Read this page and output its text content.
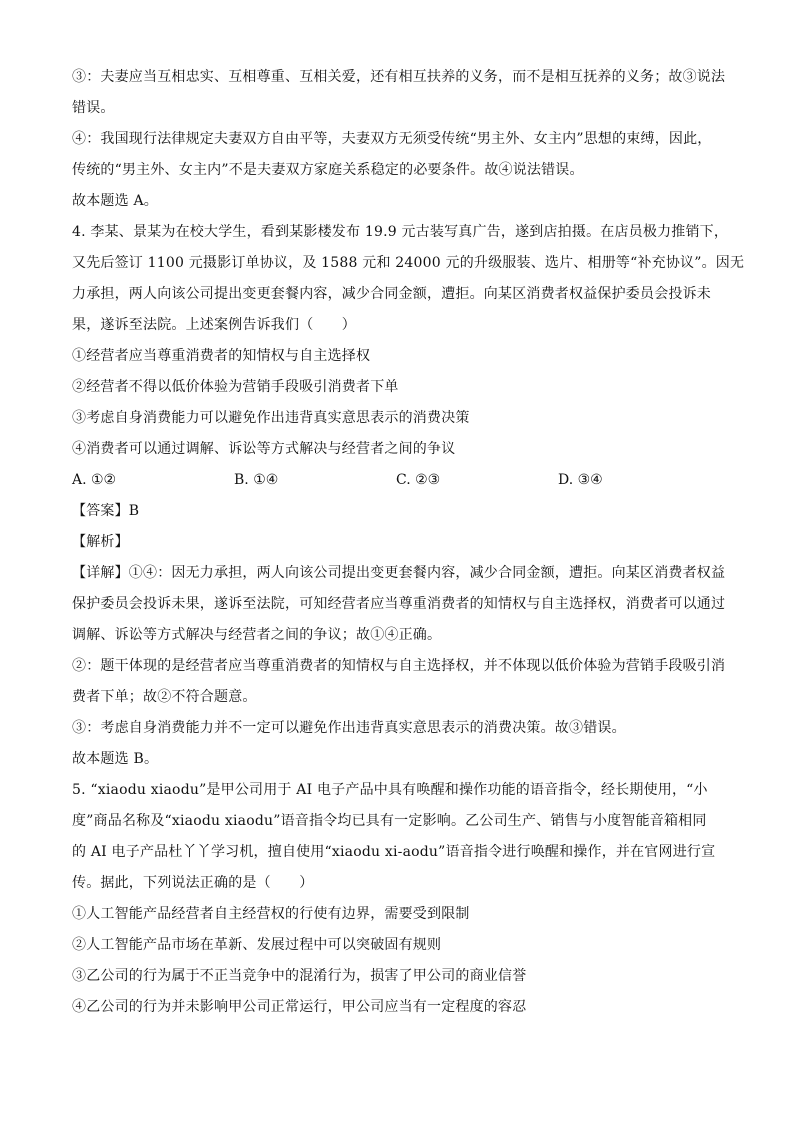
③：夫妻应当互相忠实、互相尊重、互相关爱，还有相互扶养的义务，而不是相互抚养的义务；故③说法
错误。
④：我国现行法律规定夫妻双方自由平等，夫妻双方无须受传统“男主外、女主内”思想的束缚，因此，
传统的“男主外、女主内”不是夫妻双方家庭关系稳定的必要条件。故④说法错误。
故本题选 A。
4. 李某、景某为在校大学生，看到某影楼发布 19.9 元古装写真广告，遂到店拍摄。在店员极力推销下，
又先后签订 1100 元摄影订单协议，及 1588 元和 24000 元的升级服装、选片、相册等“补充协议”。因无
力承担，两人向该公司提出变更套餐内容，减少合同金额，遭拒。向某区消费者权益保护委员会投诉未
果，遂诉至法院。上述案例告诉我们（　　）
①经营者应当尊重消费者的知情权与自主选择权
②经营者不得以低价体验为营销手段吸引消费者下单
③考虑自身消费能力可以避免作出违背真实意思表示的消费决策
④消费者可以通过调解、诉讼等方式解决与经营者之间的争议
A. ①②	B. ①④	C. ②③	D. ③④
【答案】B
【解析】
【详解】①④：因无力承担，两人向该公司提出变更套餐内容，减少合同金额，遭拒。向某区消费者权益
保护委员会投诉未果，遂诉至法院，可知经营者应当尊重消费者的知情权与自主选择权，消费者可以通过
调解、诉讼等方式解决与经营者之间的争议；故①④正确。
②：题干体现的是经营者应当尊重消费者的知情权与自主选择权，并不体现以低价体验为营销手段吸引消
费者下单；故②不符合题意。
③：考虑自身消费能力并不一定可以避免作出违背真实意思表示的消费决策。故③错误。
故本题选 B。
5. “xiaodu xiaodu”是甲公司用于 AI 电子产品中具有唤醒和操作功能的语音指令，经长期使用，“小
度”商品名称及“xiaodu xiaodu”语音指令均已具有一定影响。乙公司生产、销售与小度智能音箱相同
的 AI 电子产品杜丫丫学习机，擅自使用“xiaodu xi-aodu”语音指令进行唤醒和操作，并在官网进行宣
传。据此，下列说法正确的是（　　）
①人工智能产品经营者自主经营权的行使有边界，需要受到限制
②人工智能产品市场在革新、发展过程中可以突破固有规则
③乙公司的行为属于不正当竞争中的混淆行为，损害了甲公司的商业信誉
④乙公司的行为并未影响甲公司正常运行，甲公司应当有一定程度的容忍
